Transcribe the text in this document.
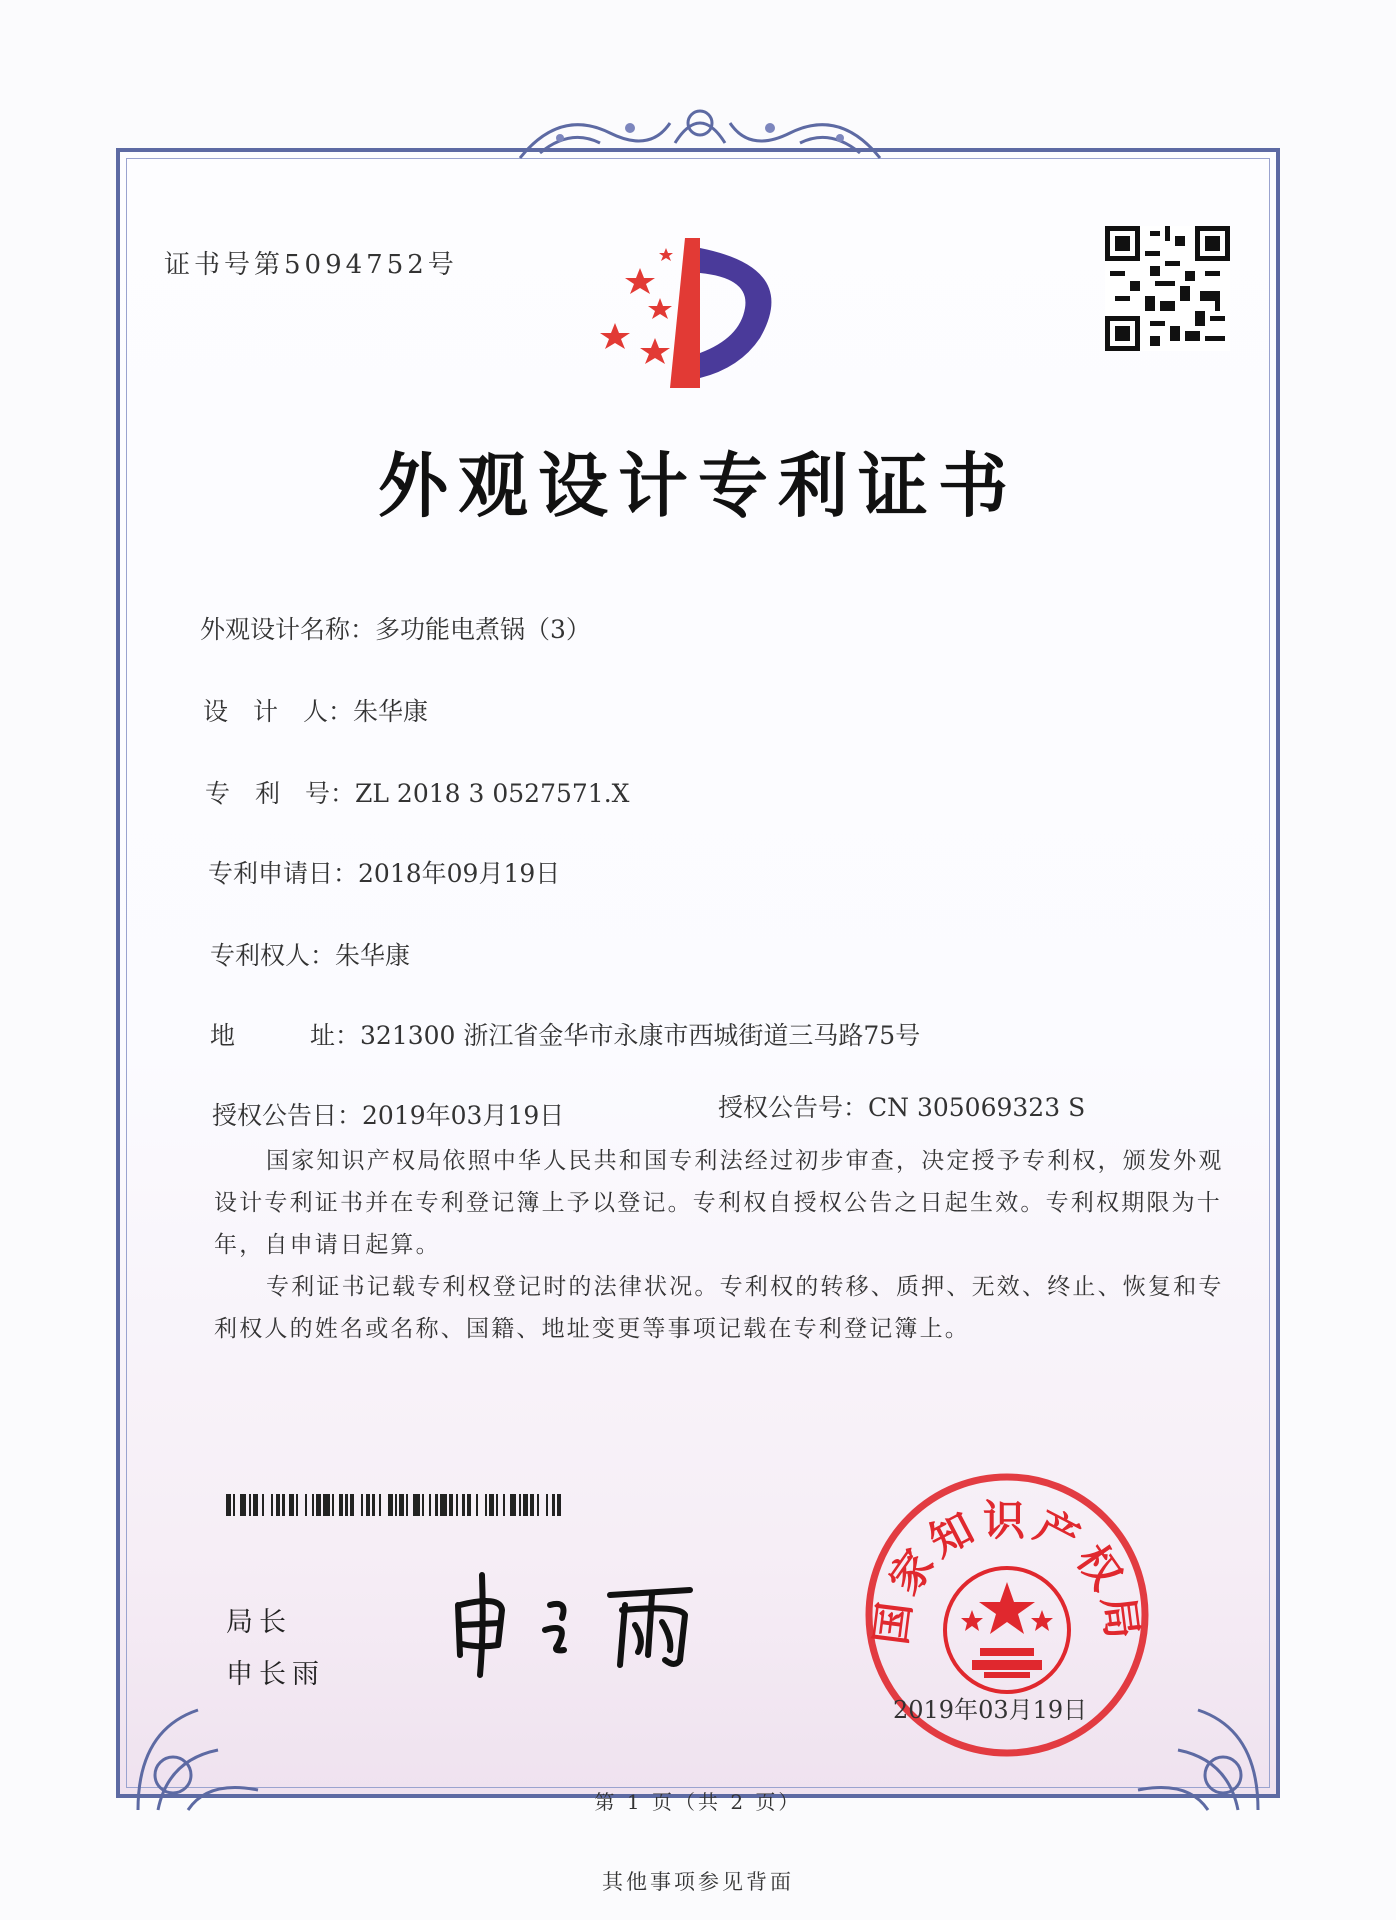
证书号第5094752号

外观设计专利证书
外观设计名称：多功能电煮锅（3）
设　计　人：朱华康
专　利　号：ZL 2018 3 0527571.X
专利申请日：2018年09月19日
专利权人：朱华康
地　　　址：321300 浙江省金华市永康市西城街道三马路75号
授权公告日：2019年03月19日	授权公告号：CN 305069323 S

国家知识产权局依照中华人民共和国专利法经过初步审查，决定授予专利权，颁发外观设计专利证书并在专利登记簿上予以登记。专利权自授权公告之日起生效。专利权期限为十年，自申请日起算。

专利证书记载专利权登记时的法律状况。专利权的转移、质押、无效、终止、恢复和专利权人的姓名或名称、国籍、地址变更等事项记载在专利登记簿上。

局长
申长雨
国家知识产权局
2019年03月19日
第 1 页（共 2 页）
其他事项参见背面
